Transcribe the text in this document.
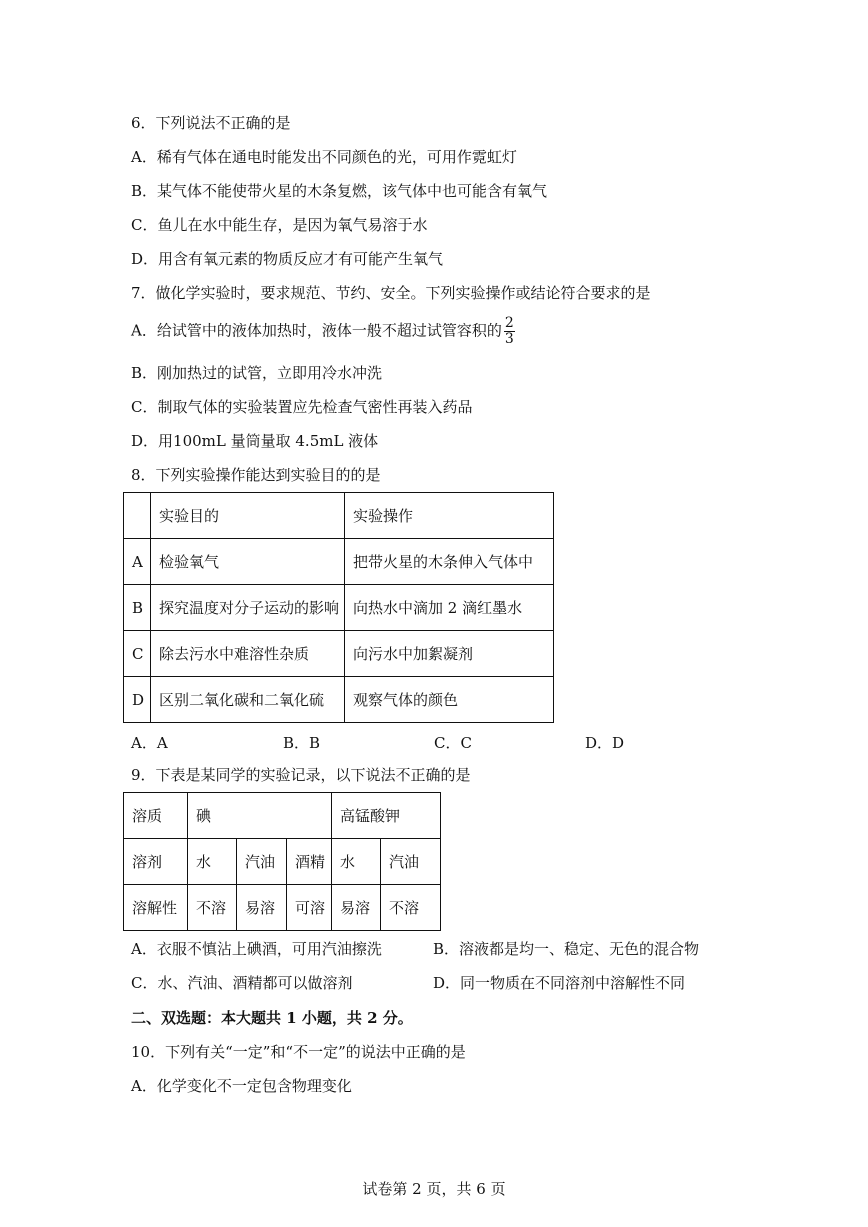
6．下列说法不正确的是
A．稀有气体在通电时能发出不同颜色的光，可用作霓虹灯
B．某气体不能使带火星的木条复燃，该气体中也可能含有氧气
C．鱼儿在水中能生存，是因为氧气易溶于水
D．用含有氧元素的物质反应才有可能产生氧气
7．做化学实验时，要求规范、节约、安全。下列实验操作或结论符合要求的是
A．给试管中的液体加热时，液体一般不超过试管容积的 $\frac{2}{3}$
B．刚加热过的试管，立即用冷水冲洗
C．制取气体的实验装置应先检查气密性再装入药品
D．用100mL 量筒量取 4.5mL 液体
8．下列实验操作能达到实验目的的是
	实验目的	实验操作
A	检验氧气	把带火星的木条伸入气体中
B	探究温度对分子运动的影响	向热水中滴加 2 滴红墨水
C	除去污水中难溶性杂质	向污水中加絮凝剂
D	区别二氧化碳和二氧化硫	观察气体的颜色
A．A	B．B	C．C	D．D
9．下表是某同学的实验记录，以下说法不正确的是
溶质	碘			高锰酸钾	
溶剂	水	汽油	酒精	水	汽油
溶解性	不溶	易溶	可溶	易溶	不溶
A．衣服不慎沾上碘酒，可用汽油擦洗	B．溶液都是均一、稳定、无色的混合物
C．水、汽油、酒精都可以做溶剂	D．同一物质在不同溶剂中溶解性不同
二、双选题：本大题共 1 小题，共 2 分。
10．下列有关“一定”和“不一定”的说法中正确的是
A．化学变化不一定包含物理变化
试卷第 2 页，共 6 页
